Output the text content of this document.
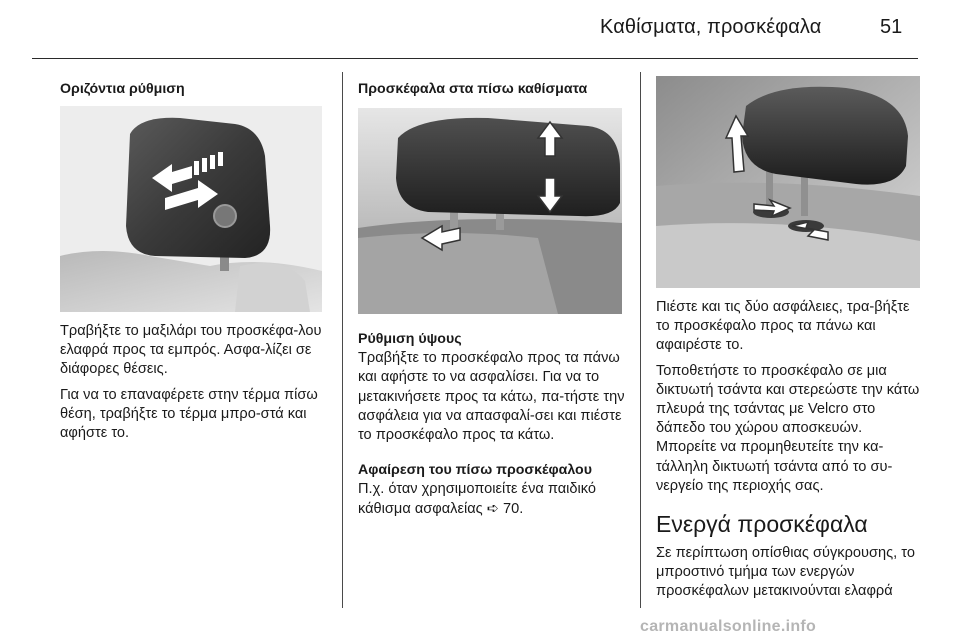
Καθίσματα, προσκέφαλα	51

Οριζόντια ρύθμιση

Τραβήξτε το μαξιλάρι του προσκέφα-λου ελαφρά προς τα εμπρός. Ασφα-λίζει σε διάφορες θέσεις.

Για να το επαναφέρετε στην τέρμα πίσω θέση, τραβήξτε το τέρμα μπρο-στά και αφήστε το.

Προσκέφαλα στα πίσω καθίσματα

Ρύθμιση ύψους

Τραβήξτε το προσκέφαλο προς τα πάνω και αφήστε το να ασφαλίσει. Για να το μετακινήσετε προς τα κάτω, πα-τήστε την ασφάλεια για να απασφαλί-σει και πιέστε το προσκέφαλο προς τα κάτω.

Αφαίρεση του πίσω προσκέφαλου

Π.χ. όταν χρησιμοποιείτε ένα παιδικό κάθισμα ασφαλείας ➪ 70.

Πιέστε και τις δύο ασφάλειες, τρα-βήξτε το προσκέφαλο προς τα πάνω και αφαιρέστε το.

Τοποθετήστε το προσκέφαλο σε μια δικτυωτή τσάντα και στερεώστε την κάτω πλευρά της τσάντας με Velcro στο δάπεδο του χώρου αποσκευών. Μπορείτε να προμηθευτείτε την κα-τάλληλη δικτυωτή τσάντα από το συ-νεργείο της περιοχής σας.

Ενεργά προσκέφαλα

Σε περίπτωση οπίσθιας σύγκρουσης, το μπροστινό τμήμα των ενεργών προσκέφαλων μετακινούνται ελαφρά

carmanualsonline.info
